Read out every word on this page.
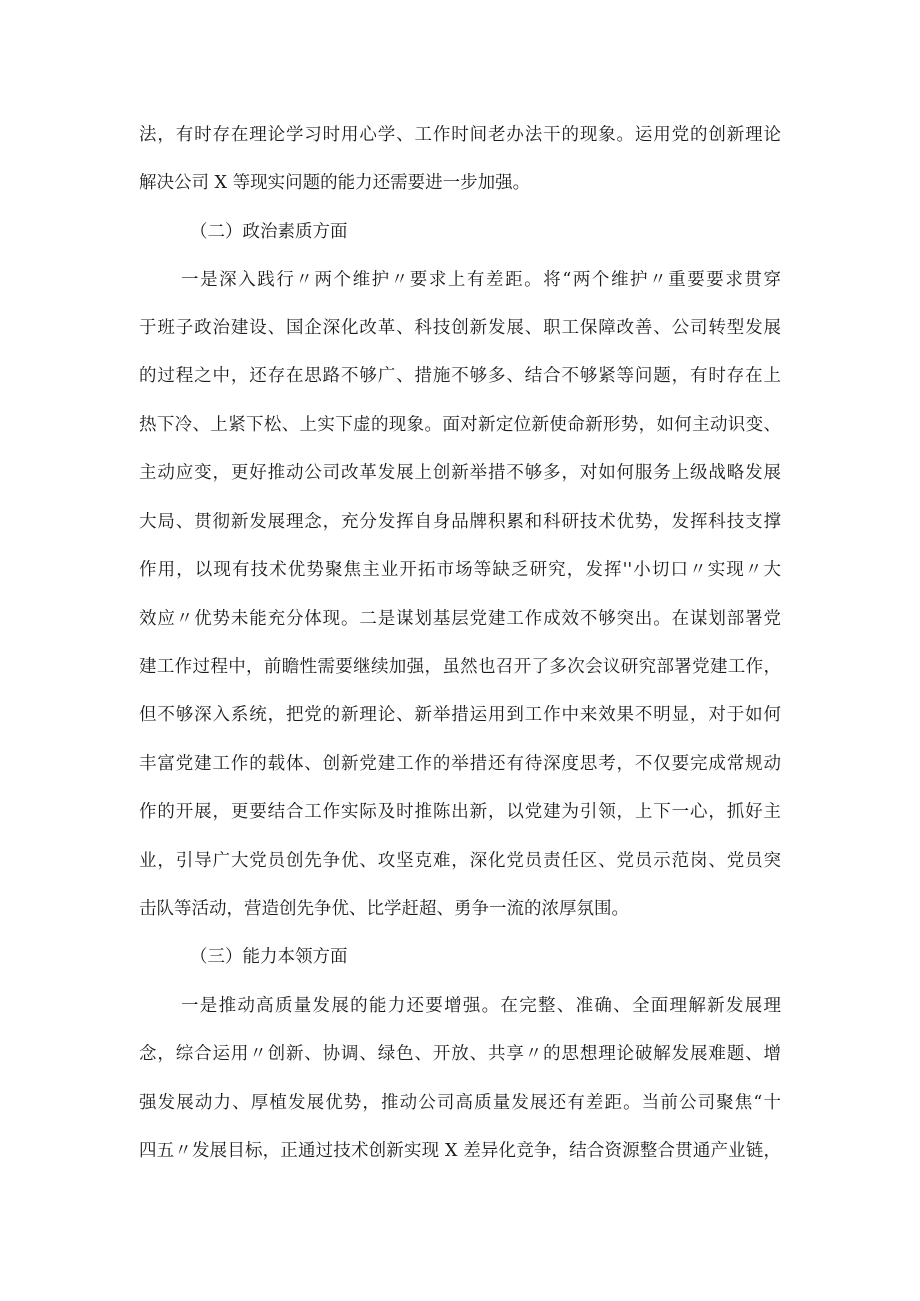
法，有时存在理论学习时用心学、工作时间老办法干的现象。运用党的创新理论
解决公司 X 等现实问题的能力还需要进一步加强。
（二）政治素质方面
一是深入践行〃两个维护〃要求上有差距。将“两个维护〃重要要求贯穿
于班子政治建设、国企深化改革、科技创新发展、职工保障改善、公司转型发展
的过程之中，还存在思路不够广、措施不够多、结合不够紧等问题，有时存在上
热下冷、上紧下松、上实下虚的现象。面对新定位新使命新形势，如何主动识变、
主动应变，更好推动公司改革发展上创新举措不够多，对如何服务上级战略发展
大局、贯彻新发展理念，充分发挥自身品牌积累和科研技术优势，发挥科技支撑
作用，以现有技术优势聚焦主业开拓市场等缺乏研究，发挥''小切口〃实现〃大
效应〃优势未能充分体现。二是谋划基层党建工作成效不够突出。在谋划部署党
建工作过程中，前瞻性需要继续加强，虽然也召开了多次会议研究部署党建工作，
但不够深入系统，把党的新理论、新举措运用到工作中来效果不明显，对于如何
丰富党建工作的载体、创新党建工作的举措还有待深度思考，不仅要完成常规动
作的开展，更要结合工作实际及时推陈出新，以党建为引领，上下一心，抓好主
业，引导广大党员创先争优、攻坚克难，深化党员责任区、党员示范岗、党员突
击队等活动，营造创先争优、比学赶超、勇争一流的浓厚氛围。
（三）能力本领方面
一是推动高质量发展的能力还要增强。在完整、准确、全面理解新发展理
念，综合运用〃创新、协调、绿色、开放、共享〃的思想理论破解发展难题、增
强发展动力、厚植发展优势，推动公司高质量发展还有差距。当前公司聚焦“十
四五〃发展目标，正通过技术创新实现 X 差异化竞争，结合资源整合贯通产业链，
